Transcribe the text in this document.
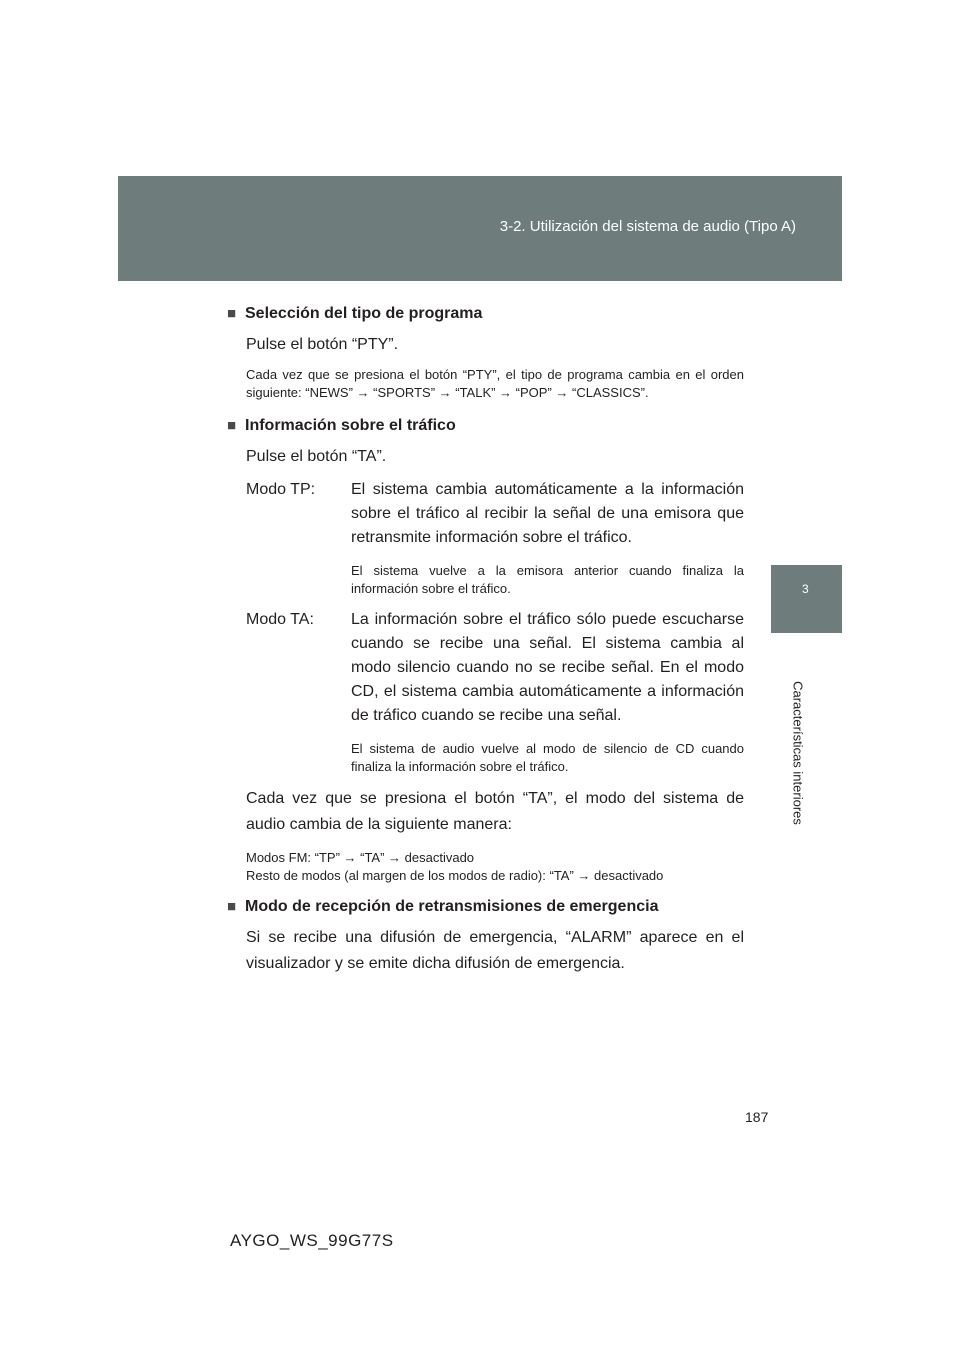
3-2. Utilización del sistema de audio (Tipo A)
3
Características interiores

■ Selección del tipo de programa

Pulse el botón “PTY”.

Cada vez que se presiona el botón “PTY”, el tipo de programa cambia en el orden siguiente: “NEWS” → “SPORTS” → “TALK” → “POP” → “CLASSICS”.

■ Información sobre el tráfico

Pulse el botón “TA”.

Modo TP:	El sistema cambia automáticamente a la información sobre el tráfico al recibir la señal de una emisora que retransmite información sobre el tráfico.

El sistema vuelve a la emisora anterior cuando finaliza la información sobre el tráfico.

Modo TA:	La información sobre el tráfico sólo puede escucharse cuando se recibe una señal. El sistema cambia al modo silencio cuando no se recibe señal. En el modo CD, el sistema cambia automáticamente a información de tráfico cuando se recibe una señal.

El sistema de audio vuelve al modo de silencio de CD cuando finaliza la información sobre el tráfico.

Cada vez que se presiona el botón “TA”, el modo del sistema de audio cambia de la siguiente manera:

Modos FM: “TP” → “TA” → desactivado

Resto de modos (al margen de los modos de radio): “TA” → desactivado

■ Modo de recepción de retransmisiones de emergencia

Si se recibe una difusión de emergencia, “ALARM” aparece en el visualizador y se emite dicha difusión de emergencia.

187
AYGO_WS_99G77S
